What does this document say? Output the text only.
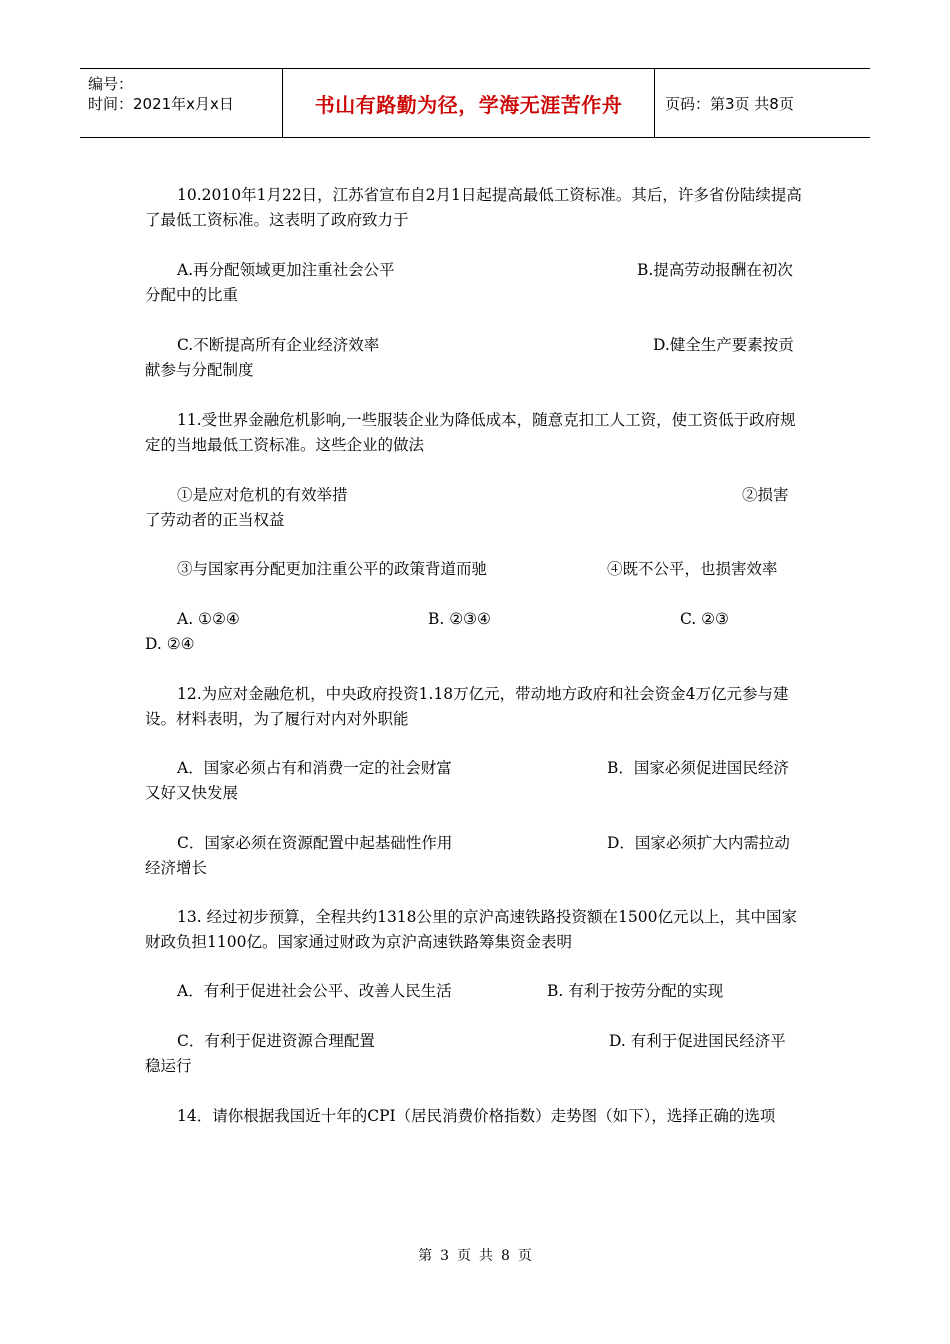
编号：
时间：2021年x月x日	书山有路勤为径，学海无涯苦作舟	页码：第3页 共8页

10.2010年1月22日，江苏省宣布自2月1日起提高最低工资标准。其后，许多省份陆续提高了最低工资标准。这表明了政府致力于

A.再分配领域更加注重社会公平	B.提高劳动报酬在初次
分配中的比重
C.不断提高所有企业经济效率	D.健全生产要素按贡
献参与分配制度

11.受世界金融危机影响,一些服装企业为降低成本，随意克扣工人工资，使工资低于政府规定的当地最低工资标准。这些企业的做法

①是应对危机的有效举措	②损害
了劳动者的正当权益
③与国家再分配更加注重公平的政策背道而驰	④既不公平，也损害效率
A. ①②④	B. ②③④	C. ②③
D. ②④

12.为应对金融危机，中央政府投资1.18万亿元，带动地方政府和社会资金4万亿元参与建设。材料表明，为了履行对内对外职能

A．国家必须占有和消费一定的社会财富	B．国家必须促进国民经济
又好又快发展
C．国家必须在资源配置中起基础性作用	D．国家必须扩大内需拉动
经济增长

13. 经过初步预算，全程共约1318公里的京沪高速铁路投资额在1500亿元以上，其中国家财政负担1100亿。国家通过财政为京沪高速铁路筹集资金表明

A．有利于促进社会公平、改善人民生活	B. 有利于按劳分配的实现
C．有利于促进资源合理配置	D. 有利于促进国民经济平
稳运行

14．请你根据我国近十年的CPI（居民消费价格指数）走势图（如下），选择正确的选项

第 3 页 共 8 页
